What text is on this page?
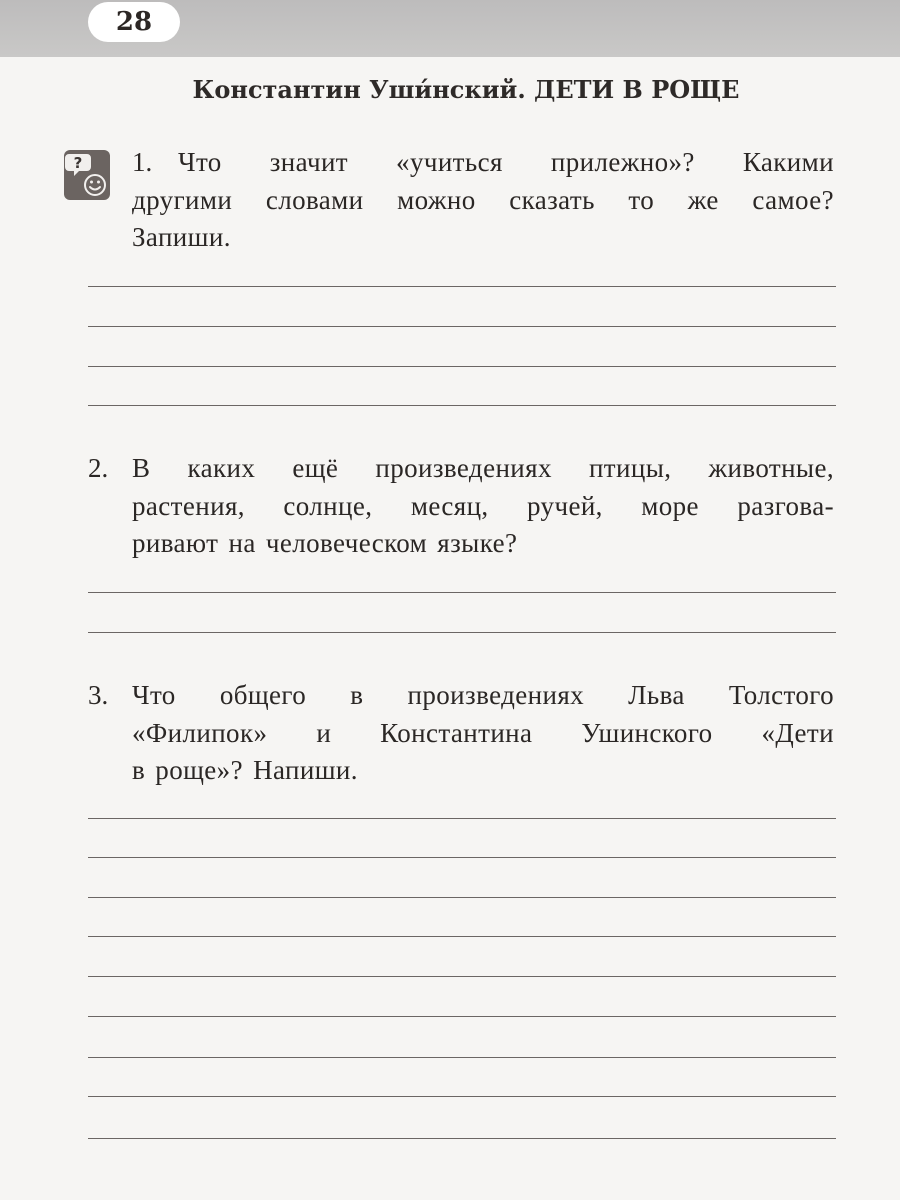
28
Константин Уши́нский. ДЕТИ В РОЩЕ
? 1. Что значит «учиться прилежно»? Какими
другими словами можно сказать то же самое?
Запиши.
2. В каких ещё произведениях птицы, животные,
растения, солнце, месяц, ручей, море разгова-
ривают на человеческом языке?
3. Что общего в произведениях Льва Толстого
«Филипок» и Константина Ушинского «Дети
в роще»? Напиши.
